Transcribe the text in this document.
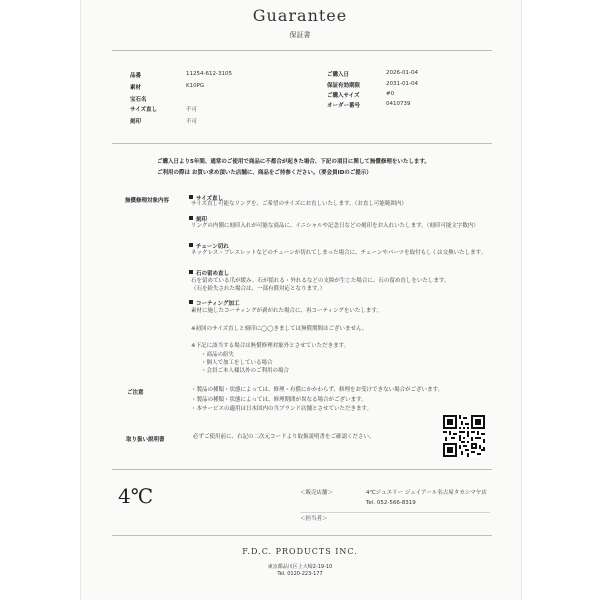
Guarantee
保証書
品番	11254-612-3105
素材	K10PG
宝石名
サイズ直し	不可
刻印	不可
ご購入日	2026-01-04
保証有効期限	2031-01-04
ご購入サイズ	#0
オーダー番号	0410739
ご購入日より5年間、通常のご使用で商品に不都合が起きた場合、下記の項目に関して無償修理をいたします。
ご利用の際は お買い求め頂いた店舗に、商品をご持参ください。（要会員IDのご提示）
無償修理対象内容	サイズ直し
サイズ直し可能なリングを、ご希望のサイズにお直しいたします。（お直し可能範囲内）
刻印
リングの内側に刻印入れが可能な商品に、イニシャルや記念日などの刻印をお入れいたします。（刻印可能文字数内）
チェーン切れ
ネックレス・ブレスレットなどのチェーンが切れてしまった場合に、チェーンやパーツを取付もしくは交換いたします。
石の留め直し
石を留めている爪が緩み、石が揺れる・外れるなどの支障が生じた場合に、石の留め直しをいたします。
（石を紛失された場合は、一部有償対応となります。）
コーティング加工
素材に施したコーティングが剥がれた場合に、再コーティングをいたします。
※初回のサイズ直しと刻印に◯◯きましては無償期間はございません。
※下記に該当する場合は無償修理対象外とさせていただきます。
・商品の紛失
・個人で加工をしている場合
・会員ご本人様以外のご利用の場合
ご注意	・製品の種類・状態によっては、修理・有償にかかわらず、修理をお受けできない場合がございます。
・製品の種類・状態によっては、修理期間が異なる場合がございます。
・本サービスの適用は日本国内の当ブランド店舗とさせていただきます。
取り扱い説明書	必ずご使用前に、右記の二次元コードより取扱説明書をご確認ください。
4℃	＜販売店舗＞	4℃ジュエリー ジェイアール名古屋タカシマヤ店
Tel. 052-566-8319
＜担当者＞
F.D.C. PRODUCTS INC.
東京都品川区上大崎2-19-10
Tel. 0120-223-177
